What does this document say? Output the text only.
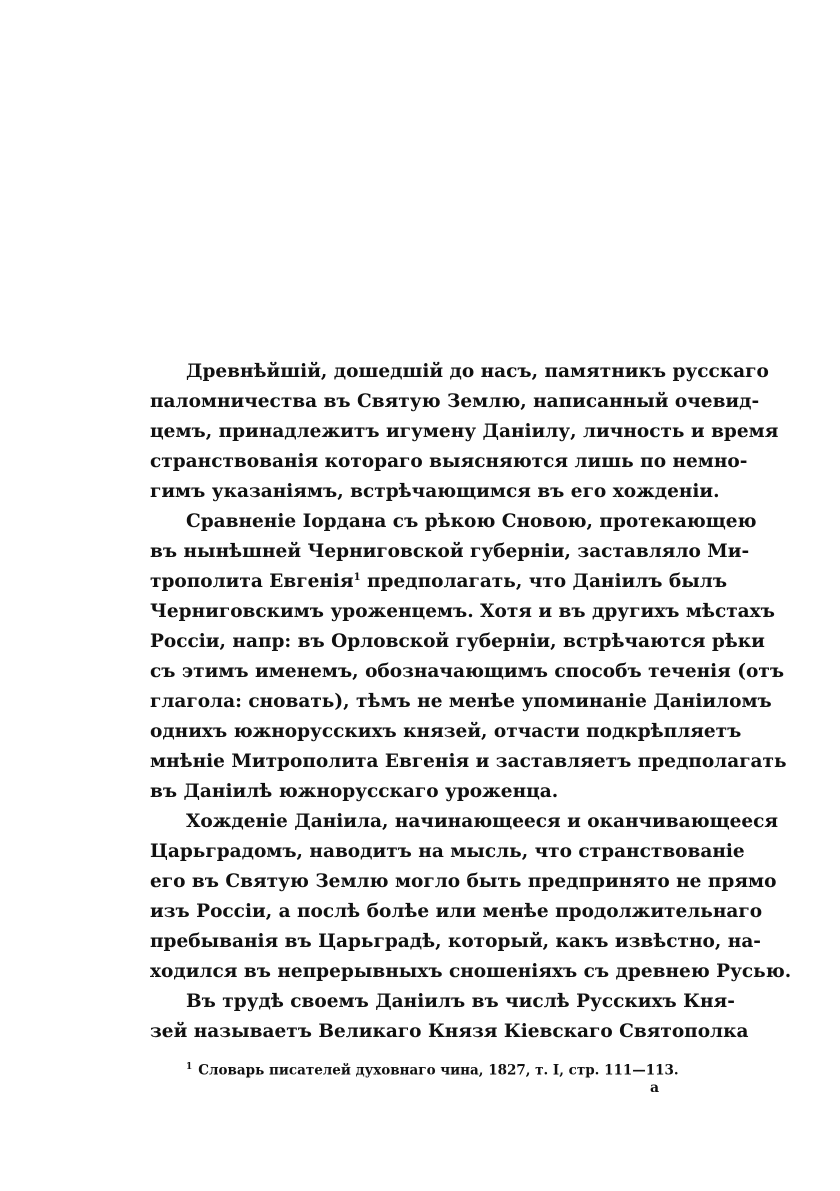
Древнѣйшій, дошедшій до насъ, памятникъ русскаго
паломничества въ Святую Землю, написанный очевид-
цемъ, принадлежитъ игумену Даніилу, личность и время
странствованія котораго выясняются лишь по немно-
гимъ указаніямъ, встрѣчающимся въ его хожденіи.
Сравненіе Іордана съ рѣкою Сновою, протекающею
въ нынѣшней Черниговской губерніи, заставляло Ми-
трополита Евгенія$^1$ предполагать, что Даніилъ былъ
Черниговскимъ уроженцемъ. Хотя и въ другихъ мѣстахъ
Россіи, напр: въ Орловской губерніи, встрѣчаются рѣки
съ этимъ именемъ, обозначающимъ способъ теченія (отъ
глагола: сновать), тѣмъ не менѣе упоминаніе Даніиломъ
однихъ южнорусскихъ князей, отчасти подкрѣпляетъ
мнѣніе Митрополита Евгенія и заставляетъ предполагать
въ Даніилѣ южнорусскаго уроженца.
Хожденіе Даніила, начинающееся и оканчивающееся
Царьградомъ, наводитъ на мысль, что странствованіе
его въ Святую Землю могло быть предпринято не прямо
изъ Россіи, а послѣ болѣе или менѣе продолжительнаго
пребыванія въ Царьградѣ, который, какъ извѣстно, на-
ходился въ непрерывныхъ сношеніяхъ съ древнею Русью.
Въ трудѣ своемъ Даніилъ въ числѣ Русскихъ Кня-
зей называетъ Великаго Князя Кіевскаго Святополка
$^1$ Словарь писателей духовнаго чина, 1827, т. I, стр. 111—113.
a
